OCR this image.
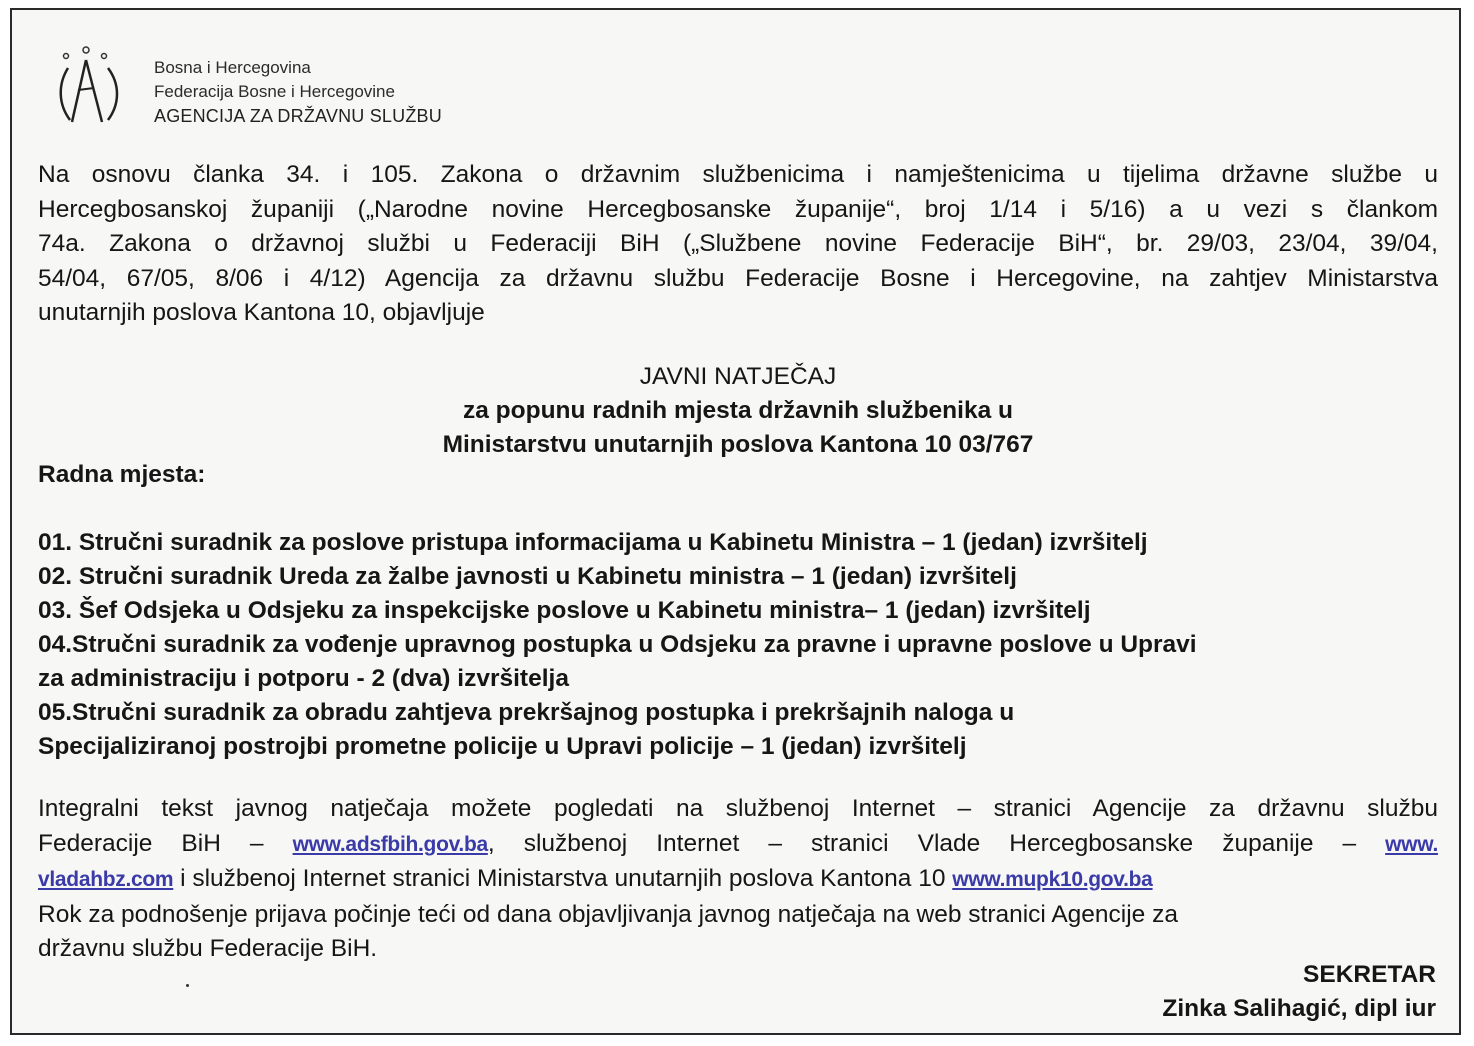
Bosna i Hercegovina
Federacija Bosne i Hercegovine
AGENCIJA ZA DRŽAVNU SLUŽBU
Na osnovu članka 34. i 105. Zakona o državnim službenicima i namještenicima u tijelima državne službe u
Hercegbosanskoj županiji („Narodne novine Hercegbosanske županije“, broj 1/14 i 5/16) a u vezi s člankom
74a. Zakona o državnoj službi u Federaciji BiH („Službene novine Federacije BiH“, br. 29/03, 23/04, 39/04,
54/04, 67/05, 8/06 i 4/12) Agencija za državnu službu Federacije Bosne i Hercegovine, na zahtjev Ministarstva
unutarnjih poslova Kantona 10, objavljuje
JAVNI NATJEČAJ
za popunu radnih mjesta državnih službenika u
Ministarstvu unutarnjih poslova Kantona 10 03/767
Radna mjesta:
01. Stručni suradnik za poslove pristupa informacijama u Kabinetu Ministra – 1 (jedan) izvršitelj
02. Stručni suradnik Ureda za žalbe javnosti u Kabinetu ministra – 1 (jedan) izvršitelj
03. Šef Odsjeka u Odsjeku za inspekcijske poslove u Kabinetu ministra– 1 (jedan) izvršitelj
04.Stručni suradnik za vođenje upravnog postupka u Odsjeku za pravne i upravne poslove u Upravi
za administraciju i potporu - 2 (dva) izvršitelja
05.Stručni suradnik za obradu zahtjeva prekršajnog postupka i prekršajnih naloga u
Specijaliziranoj postrojbi prometne policije u Upravi policije – 1 (jedan) izvršitelj
Integralni tekst javnog natječaja možete pogledati na službenoj Internet – stranici Agencije za državnu službu
Federacije BiH – www.adsfbih.gov.ba, službenoj Internet – stranici Vlade Hercegbosanske županije – www.
vladahbz.com i službenoj Internet stranici Ministarstva unutarnjih poslova Kantona 10 www.mupk10.gov.ba
Rok za podnošenje prijava počinje teći od dana objavljivanja javnog natječaja na web stranici Agencije za
državnu službu Federacije BiH.
SEKRETAR
Zinka Salihagić, dipl iur
